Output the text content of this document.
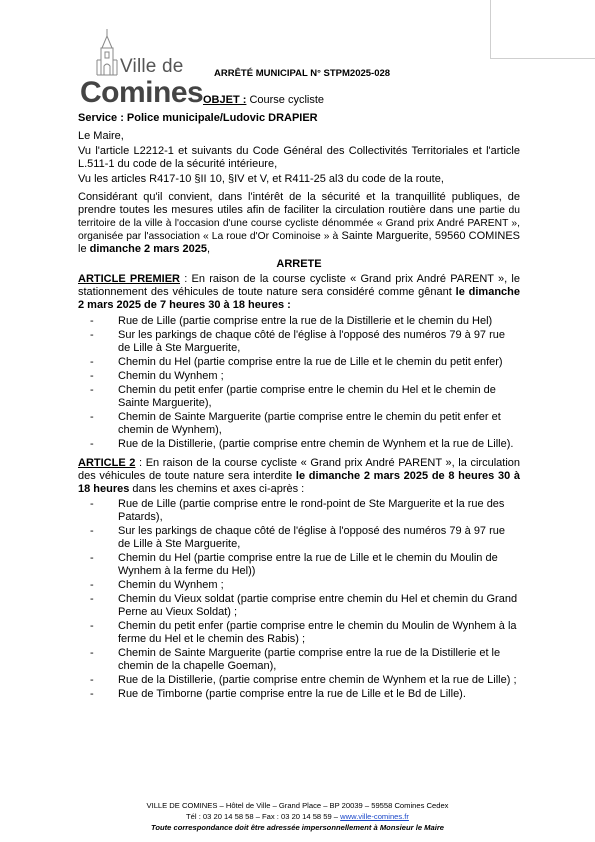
Ville de
Comines
ARRÊTÉ MUNICIPAL N° STPM2025-028
OBJET : Course cycliste

Service : Police municipale/Ludovic DRAPIER

Le Maire,

Vu l'article L2212-1 et suivants du Code Général des Collectivités Territoriales et l'article L.511-1 du code de la sécurité intérieure,

Vu les articles R417-10 §II 10, §IV et V, et R411-25 al3 du code de la route,

Considérant qu'il convient, dans l'intérêt de la sécurité et la tranquillité publiques, de prendre toutes les mesures utiles afin de faciliter la circulation routière dans une partie du territoire de la ville à l'occasion d'une course cycliste dénommée « Grand prix André PARENT », organisée par l'association « La roue d'Or Cominoise » à Sainte Marguerite, 59560 COMINES le dimanche 2 mars 2025,

ARRETE

ARTICLE PREMIER : En raison de la course cycliste « Grand prix André PARENT », le stationnement des véhicules de toute nature sera considéré comme gênant le dimanche 2 mars 2025 de 7 heures 30 à 18 heures :

- Rue de Lille (partie comprise entre la rue de la Distillerie et le chemin du Hel)
- Sur les parkings de chaque côté de l'église à l'opposé des numéros 79 à 97 rue de Lille à Ste Marguerite,
- Chemin du Hel (partie comprise entre la rue de Lille et le chemin du petit enfer)
- Chemin du Wynhem ;
- Chemin du petit enfer (partie comprise entre le chemin du Hel et le chemin de Sainte Marguerite),
- Chemin de Sainte Marguerite (partie comprise entre le chemin du petit enfer et chemin de Wynhem),
- Rue de la Distillerie, (partie comprise entre chemin de Wynhem et la rue de Lille).

ARTICLE 2 : En raison de la course cycliste « Grand prix André PARENT », la circulation des véhicules de toute nature sera interdite le dimanche 2 mars 2025 de 8 heures 30 à 18 heures dans les chemins et axes ci-après :

- Rue de Lille (partie comprise entre le rond-point de Ste Marguerite et la rue des Patards),
- Sur les parkings de chaque côté de l'église à l'opposé des numéros 79 à 97 rue de Lille à Ste Marguerite,
- Chemin du Hel (partie comprise entre la rue de Lille et le chemin du Moulin de Wynhem à la ferme du Hel))
- Chemin du Wynhem ;
- Chemin du Vieux soldat (partie comprise entre chemin du Hel et chemin du Grand Perne au Vieux Soldat) ;
- Chemin du petit enfer (partie comprise entre le chemin du Moulin de Wynhem à la ferme du Hel et le chemin des Rabis) ;
- Chemin de Sainte Marguerite (partie comprise entre la rue de la Distillerie et le chemin de la chapelle Goeman),
- Rue de la Distillerie, (partie comprise entre chemin de Wynhem et la rue de Lille) ;
- Rue de Timborne (partie comprise entre la rue de Lille et le Bd de Lille).
VILLE DE COMINES – Hôtel de Ville – Grand Place – BP 20039 – 59558 Comines Cedex
Tél : 03 20 14 58 58 – Fax : 03 20 14 58 59 – www.ville-comines.fr
Toute correspondance doit être adressée impersonnellement à Monsieur le Maire
